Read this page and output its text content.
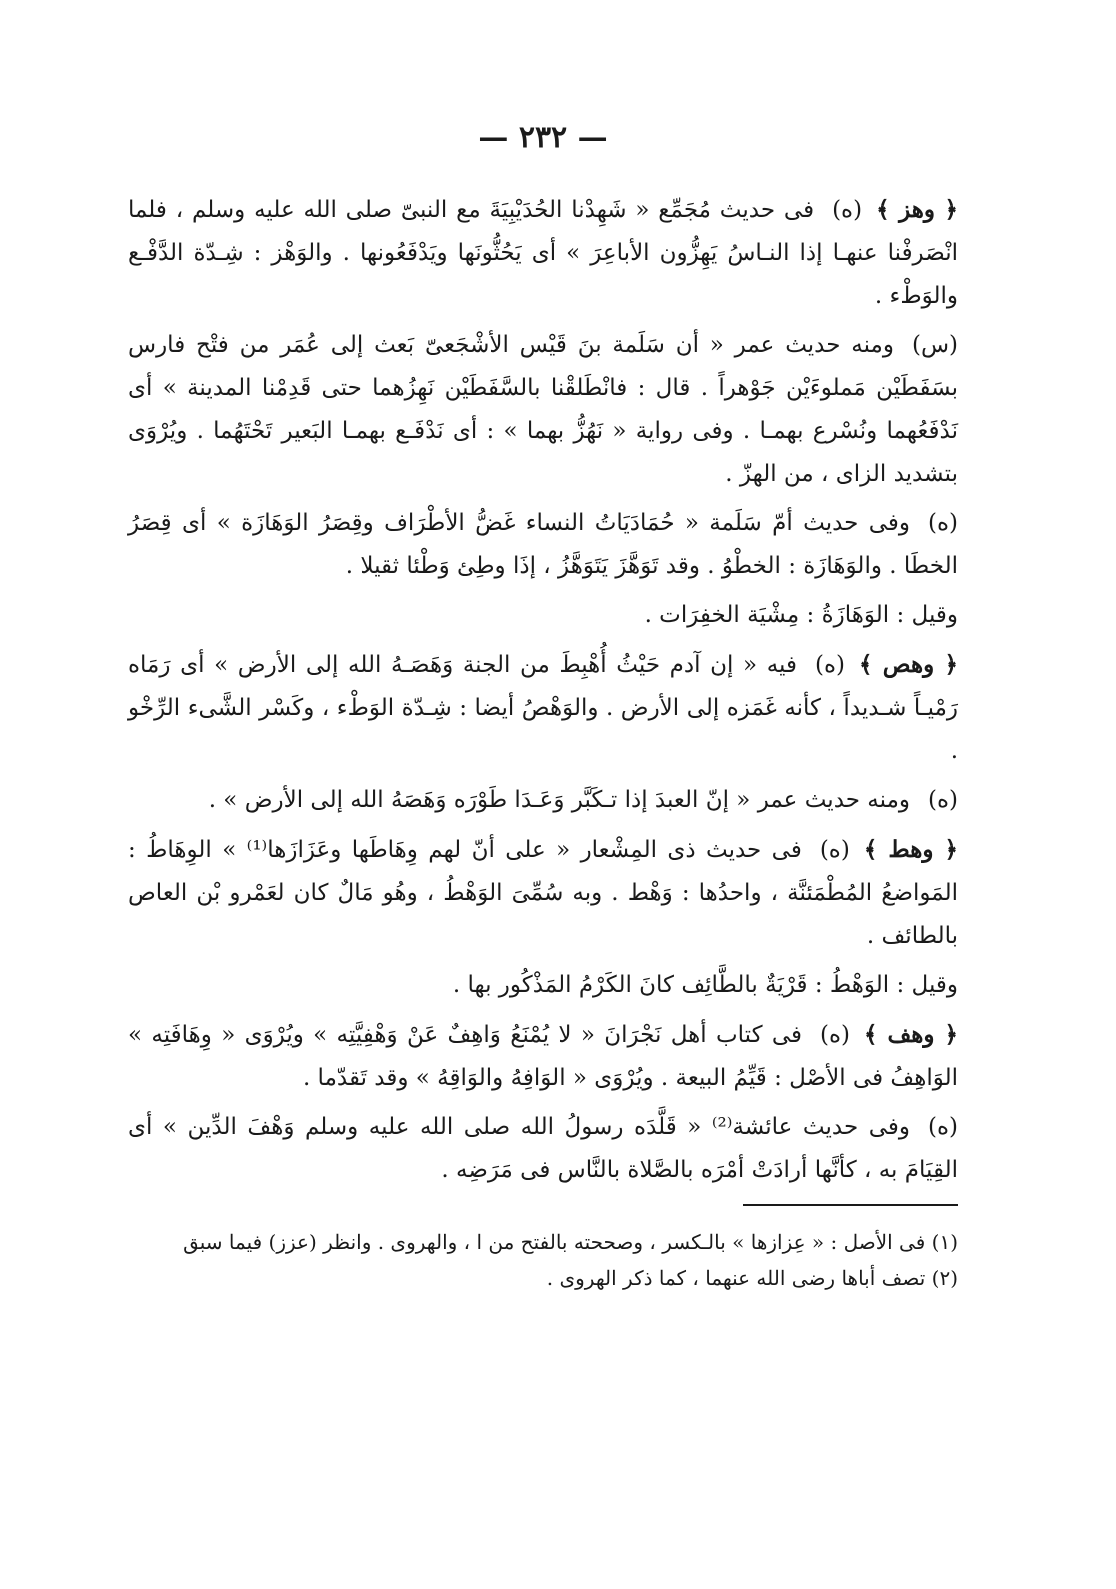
— ٢٣٢ —

﴿ وهز ﴾(ه)فى حديث مُجَمِّع « شَهِدْنا الحُدَيْبِيَةَ مع النبىّ صلى الله عليه وسلم ، فلما انْصَرفْنا عنهـا إذا النـاسُ يَهِزُّون الأباعِرَ » أى يَحُثُّونَها ويَدْفَعُونها . والوَهْز : شِـدّة الدَّفْـع والوَطْء .

(س)ومنه حديث عمر « أن سَلَمة بنَ قَيْس الأشْجَعىّ بَعث إلى عُمَر من فتْح فارس بسَفَطَيْن مَملوءَيْن جَوْهراً . قال : فانْطَلقْنا بالسَّفَطَيْن نَهِزُهما حتى قَدِمْنا المدينة » أى نَدْفَعُهما ونُسْرع بهمـا . وفى رواية « نَهُزُّ بهما » : أى نَدْفَـع بهمـا البَعير تَحْتَهُما . ويُرْوَى بتشديد الزاى ، من الهزّ .

(ه)وفى حديث أمّ سَلَمة « حُمَادَيَاتُ النساء غَضُّ الأطْرَاف وقِصَرُ الوَهَازَة » أى قِصَرُ الخطَا . والوَهَازَة : الخطْوُ . وقد تَوَهَّزَ يَتَوَهَّزُ ، إذَا وطِئ وَطْئا ثقيلا .

وقيل : الوَهَازَةُ : مِشْيَة الخفِرَات .

﴿ وهص ﴾(ه)فيه « إن آدم حَيْثُ أُهْبِطَ من الجنة وَهَصَـهُ الله إلى الأرض » أى رَمَاه رَمْيـاً شـديداً ، كأنه غَمَزه إلى الأرض . والوَهْصُ أيضا : شِـدّة الوَطْء ، وكَسْر الشَّىء الرِّخْو .

(ه)ومنه حديث عمر « إنّ العبدَ إذا تـكَبَّر وَعَـدَا طَوْرَه وَهَصَهُ الله إلى الأرض » .

﴿ وهط ﴾(ه)فى حديث ذى المِشْعار « على أنّ لهم وِهَاطَها وعَزَازَها⁽¹⁾ » الوِهَاطُ : المَواضعُ المُطْمَئنَّة ، واحدُها : وَهْط . وبه سُمِّىَ الوَهْطُ ، وهُو مَالٌ كان لعَمْرو بْن العاص بالطائف .

وقيل : الوَهْطُ : قَرْيَةٌ بالطَّائِف كانَ الكَرْمُ المَذْكُور بها .

﴿ وهف ﴾(ه)فى كتاب أهل نَجْرَانَ « لا يُمْنَعُ وَاهِفٌ عَنْ وَهْفِيَّتِه » ويُرْوَى « وِهَافَتِه » الوَاهِفُ فى الأصْل : قَيِّمُ البيعة . ويُرْوَى « الوَافِهُ والوَاقِهُ » وقد تَقدّما .

(ه)وفى حديث عائشة⁽²⁾ « قَلَّدَه رسولُ الله صلى الله عليه وسلم وَهْفَ الدِّين » أى القِيَامَ به ، كأنَّها أرادَتْ أمْرَه بالصَّلاة بالنَّاس فى مَرَضِه .

(١) فى الأصل : « عِزازها » بالـكسر ، وصححته بالفتح من ا ، والهروى . وانظر (عزز) فيما سبق

(٢) تصف أباها رضى الله عنهما ، كما ذكر الهروى .
